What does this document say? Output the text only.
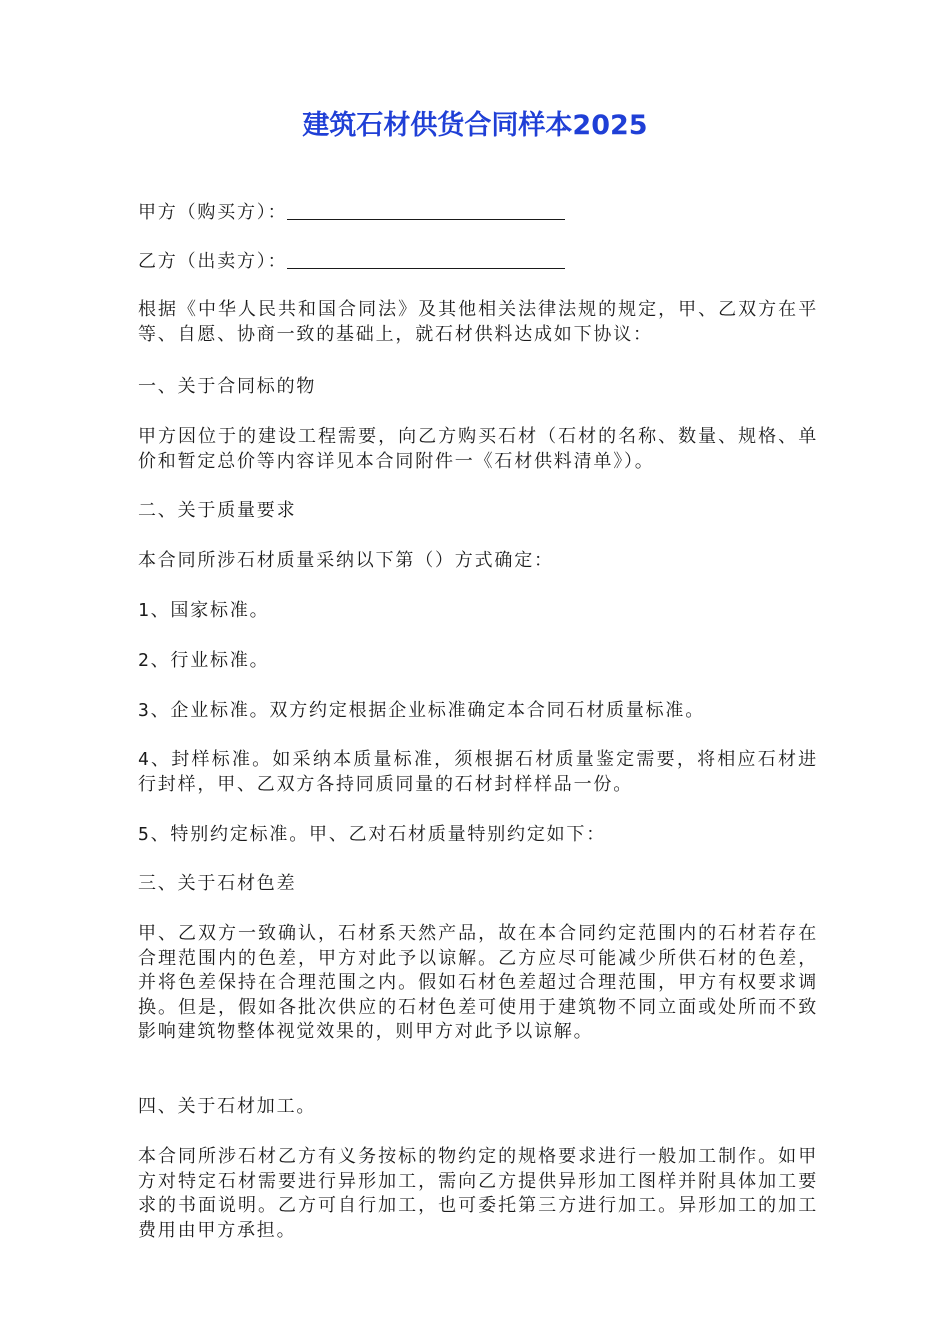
建筑石材供货合同样本2025

甲方（购买方）：

乙方（出卖方）：

根据《中华人民共和国合同法》及其他相关法律法规的规定，甲、乙双方在平等、自愿、协商一致的基础上，就石材供料达成如下协议：

一、关于合同标的物

甲方因位于的建设工程需要，向乙方购买石材（石材的名称、数量、规格、单价和暂定总价等内容详见本合同附件一《石材供料清单》）。

二、关于质量要求

本合同所涉石材质量采纳以下第（）方式确定：

1、国家标准。

2、行业标准。

3、企业标准。双方约定根据企业标准确定本合同石材质量标准。

4、封样标准。如采纳本质量标准，须根据石材质量鉴定需要，将相应石材进行封样，甲、乙双方各持同质同量的石材封样样品一份。

5、特别约定标准。甲、乙对石材质量特别约定如下：

三、关于石材色差

甲、乙双方一致确认，石材系天然产品，故在本合同约定范围内的石材若存在合理范围内的色差，甲方对此予以谅解。乙方应尽可能减少所供石材的色差，并将色差保持在合理范围之内。假如石材色差超过合理范围，甲方有权要求调换。但是，假如各批次供应的石材色差可使用于建筑物不同立面或处所而不致影响建筑物整体视觉效果的，则甲方对此予以谅解。

四、关于石材加工。

本合同所涉石材乙方有义务按标的物约定的规格要求进行一般加工制作。如甲方对特定石材需要进行异形加工，需向乙方提供异形加工图样并附具体加工要求的书面说明。乙方可自行加工，也可委托第三方进行加工。异形加工的加工费用由甲方承担。
